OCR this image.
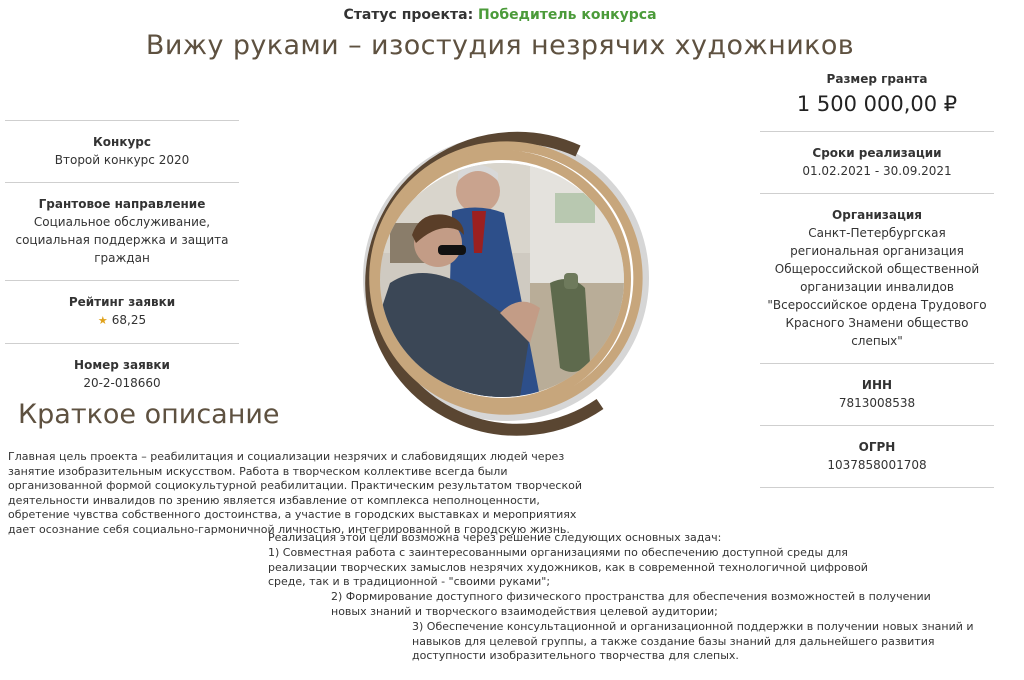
Статус проекта: Победитель конкурса
Вижу руками – изостудия незрячих художников
Конкурс
Второй конкурс 2020
Грантовое направление
Социальное обслуживание, социальная поддержка и защита граждан
Рейтинг заявки
★ 68,25
Номер заявки
20-2-018660
Размер гранта
1 500 000,00 ₽
Сроки реализации
01.02.2021 - 30.09.2021
Организация
Санкт-Петербургская региональная организация Общероссийской общественной организации инвалидов "Всероссийское ордена Трудового Красного Знамени общество слепых"
ИНН
7813008538
ОГРН
1037858001708
Краткое описание

Главная цель проекта – реабилитация и социализации незрячих и слабовидящих людей через занятие изобразительным искусством. Работа в творческом коллективе всегда были организованной формой социокультурной реабилитации. Практическим результатом творческой деятельности инвалидов по зрению является избавление от комплекса неполноценности, обретение чувства собственного достоинства, а участие в городских выставках и мероприятиях дает осознание себя социально-гармоничной личностью, интегрированной в городскую жизнь.

Реализация этой цели возможна через решение следующих основных задач:

1) Совместная работа с заинтересованными организациями по обеспечению доступной среды для реализации творческих замыслов незрячих художников, как в современной технологичной цифровой среде, так и в традиционной - "своими руками";

2) Формирование доступного физического пространства для обеспечения возможностей в получении новых знаний и творческого взаимодействия целевой аудитории;

3) Обеспечение консультационной и организационной поддержки в получении новых знаний и навыков для целевой группы, а также создание базы знаний для дальнейшего развития доступности изобразительного творчества для слепых.
